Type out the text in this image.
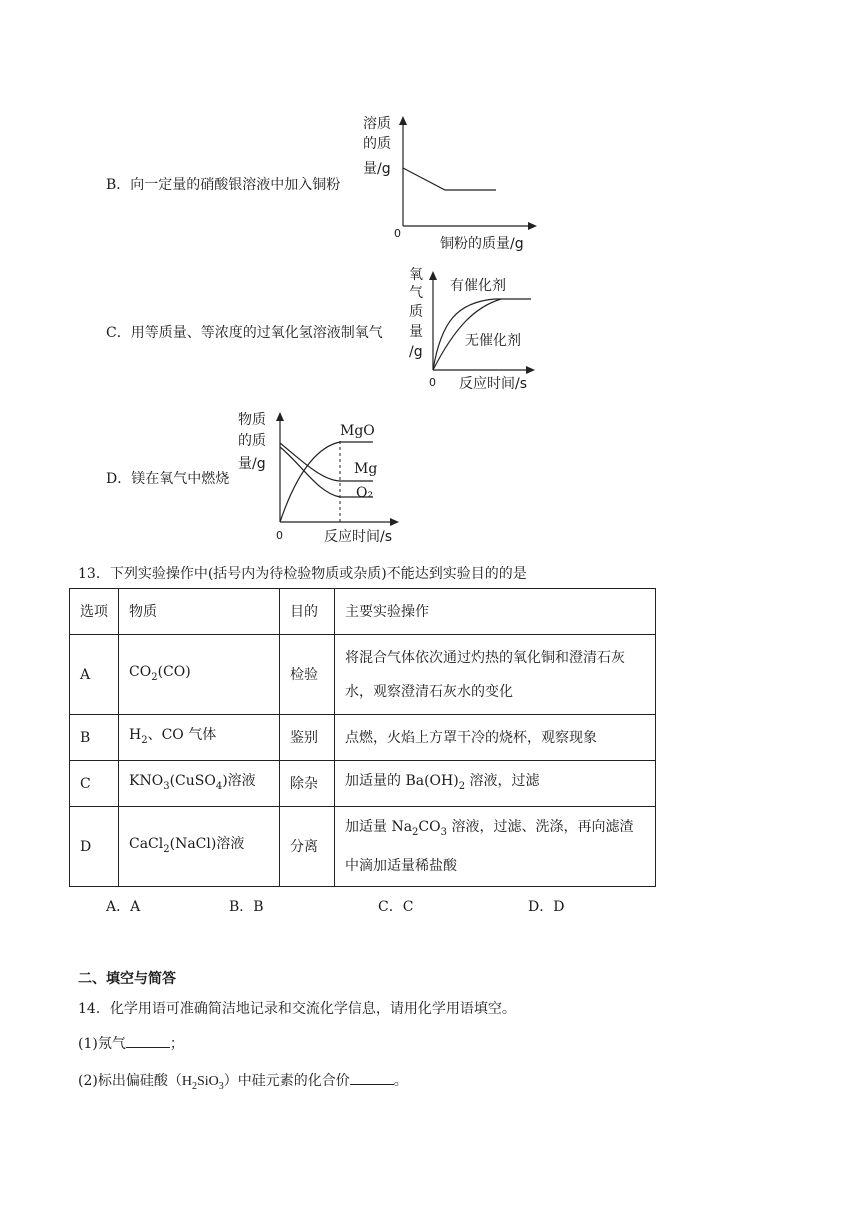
B．向一定量的硝酸银溶液中加入铜粉
溶质
的质
量/g
0
铜粉的质量/g
C．用等质量、等浓度的过氧化氢溶液制氧气
氧
气
质
量
/g
有催化剂
无催化剂
0 反应时间/s
D．镁在氧气中燃烧
物质
的质
量/g
MgO
Mg
O₂
0	反应时间/s
13．下列实验操作中(括号内为待检验物质或杂质)不能达到实验目的的是
选项	物质	目的	主要实验操作
A	$CO_2(CO)$	检验	将混合气体依次通过灼热的氧化铜和澄清石灰水，观察澄清石灰水的变化
B	$H_2$、CO 气体	鉴别	点燃，火焰上方罩干冷的烧杯，观察现象
C	$KNO_3(CuSO_4)$溶液	除杂	加适量的 $Ba(OH)_2$ 溶液，过滤
D	CaCl$_2$(NaCl)溶液	分离	加适量 $Na_2CO_3$ 溶液，过滤、洗涤，再向滤渣中滴加适量稀盐酸
A．A	B．B	C．C	D．D
二、填空与简答
14．化学用语可准确简洁地记录和交流化学信息，请用化学用语填空。
(1)氖气	；
(2)标出偏硅酸$(H_2SiO_3)$中硅元素的化合价	。
